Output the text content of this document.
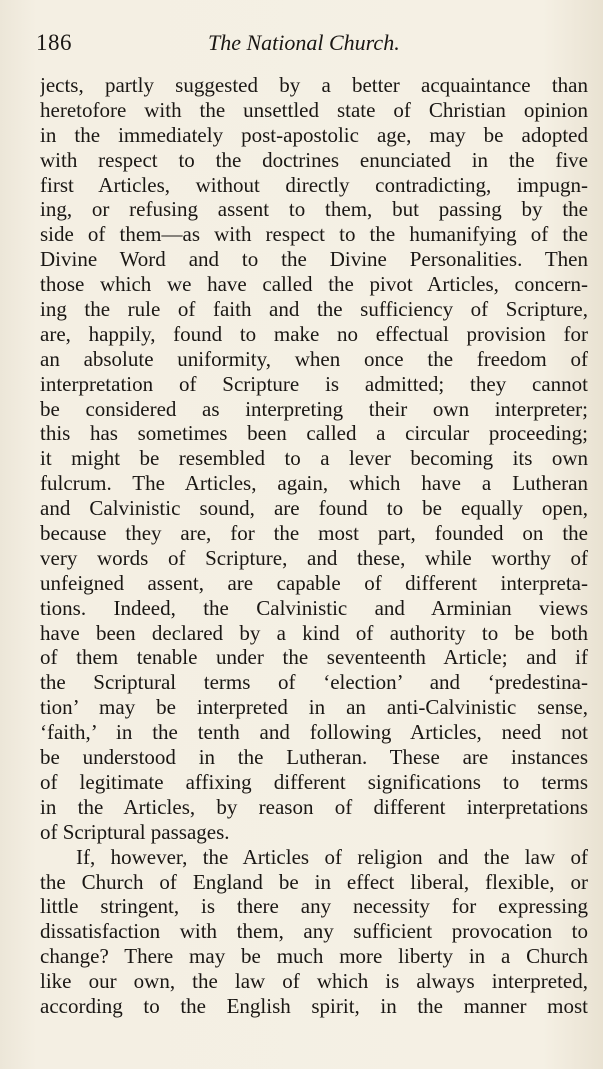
186	The National Church.
jects, partly suggested by a better acquaintance than
heretofore with the unsettled state of Christian opinion
in the immediately post-apostolic age, may be adopted
with respect to the doctrines enunciated in the five
first Articles, without directly contradicting, impugn-
ing, or refusing assent to them, but passing by the
side of them—as with respect to the humanifying of the
Divine Word and to the Divine Personalities. Then
those which we have called the pivot Articles, concern-
ing the rule of faith and the sufficiency of Scripture,
are, happily, found to make no effectual provision for
an absolute uniformity, when once the freedom of
interpretation of Scripture is admitted; they cannot
be considered as interpreting their own interpreter;
this has sometimes been called a circular proceeding;
it might be resembled to a lever becoming its own
fulcrum. The Articles, again, which have a Lutheran
and Calvinistic sound, are found to be equally open,
because they are, for the most part, founded on the
very words of Scripture, and these, while worthy of
unfeigned assent, are capable of different interpreta-
tions. Indeed, the Calvinistic and Arminian views
have been declared by a kind of authority to be both
of them tenable under the seventeenth Article; and if
the Scriptural terms of ‘election’ and ‘predestina-
tion’ may be interpreted in an anti-Calvinistic sense,
‘faith,’ in the tenth and following Articles, need not
be understood in the Lutheran. These are instances
of legitimate affixing different significations to terms
in the Articles, by reason of different interpretations
of Scriptural passages.
If, however, the Articles of religion and the law of
the Church of England be in effect liberal, flexible, or
little stringent, is there any necessity for expressing
dissatisfaction with them, any sufficient provocation to
change? There may be much more liberty in a Church
like our own, the law of which is always interpreted,
according to the English spirit, in the manner most
